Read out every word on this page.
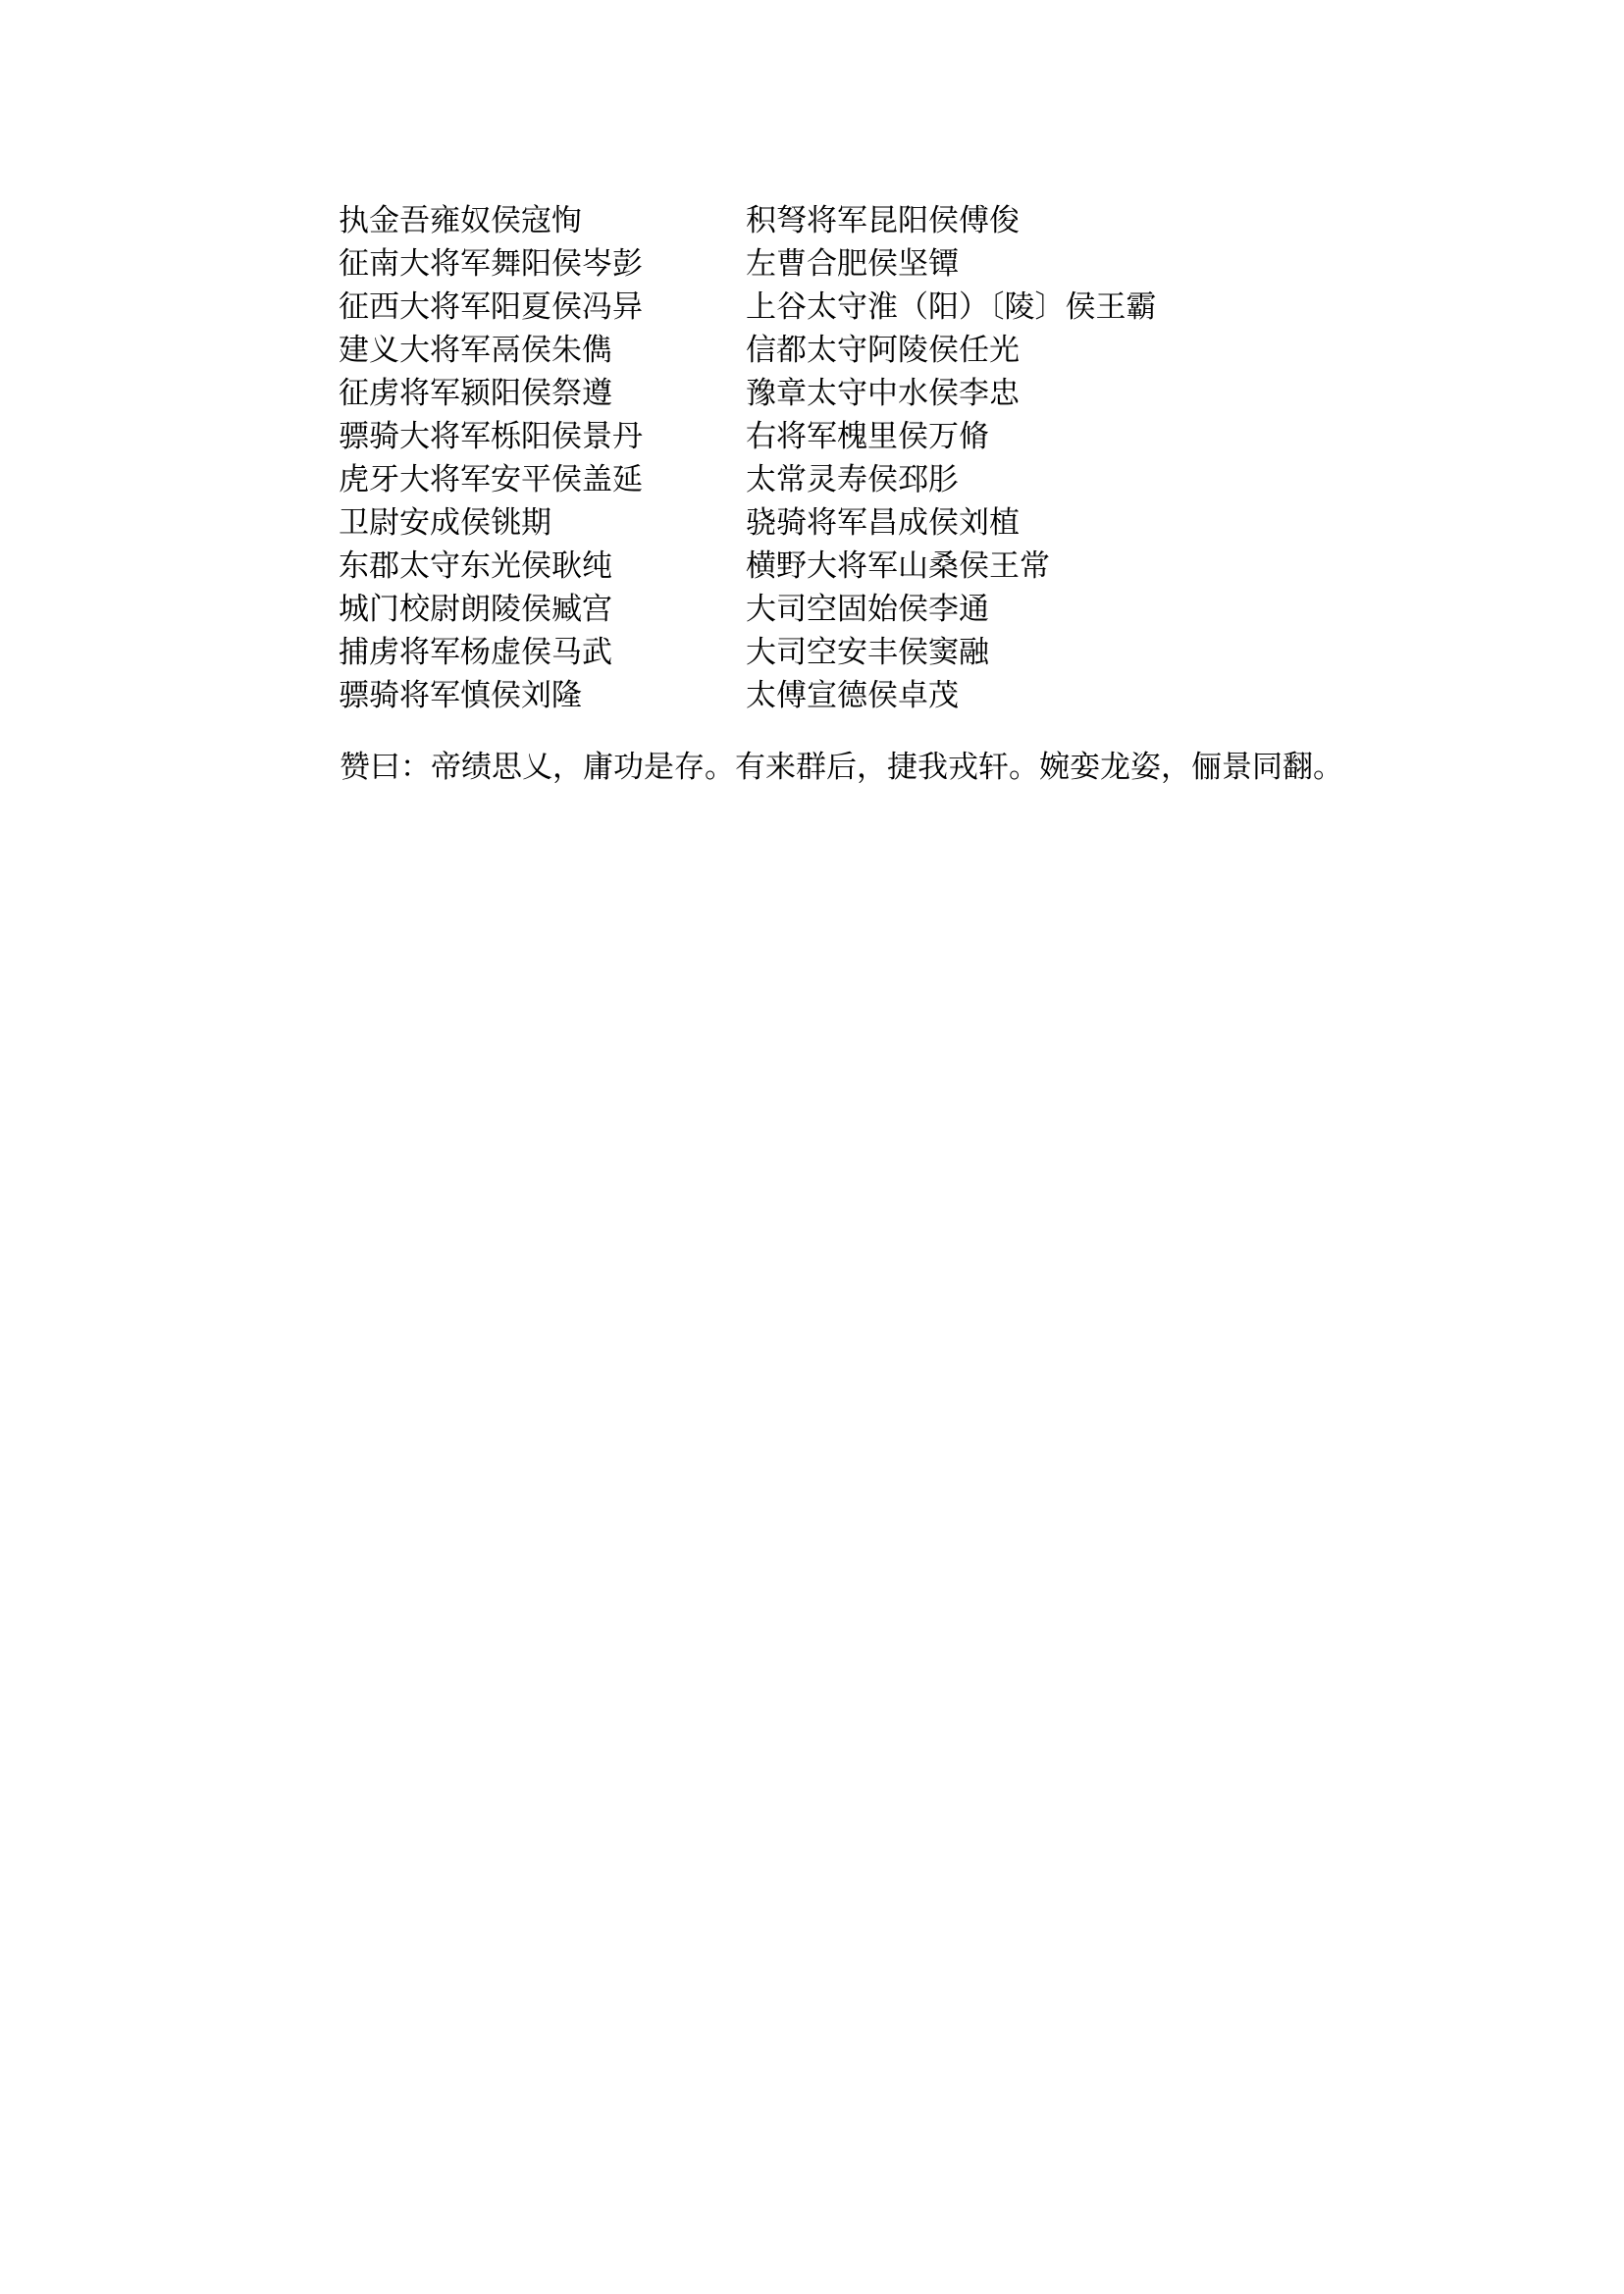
执金吾雍奴侯寇恂	积弩将军昆阳侯傅俊
征南大将军舞阳侯岑彭	左曹合肥侯坚镡
征西大将军阳夏侯冯异	上谷太守淮（阳）〔陵〕侯王霸
建义大将军鬲侯朱儁	信都太守阿陵侯任光
征虏将军颍阳侯祭遵	豫章太守中水侯李忠
骠骑大将军栎阳侯景丹	右将军槐里侯万脩
虎牙大将军安平侯盖延	太常灵寿侯邳肜
卫尉安成侯铫期	骁骑将军昌成侯刘植
东郡太守东光侯耿纯	横野大将军山桑侯王常
城门校尉朗陵侯臧宫	大司空固始侯李通
捕虏将军杨虚侯马武	大司空安丰侯窦融
骠骑将军慎侯刘隆	太傅宣德侯卓茂

赞曰：帝绩思乂，庸功是存。有来群后，捷我戎轩。婉娈龙姿，俪景同翻。
